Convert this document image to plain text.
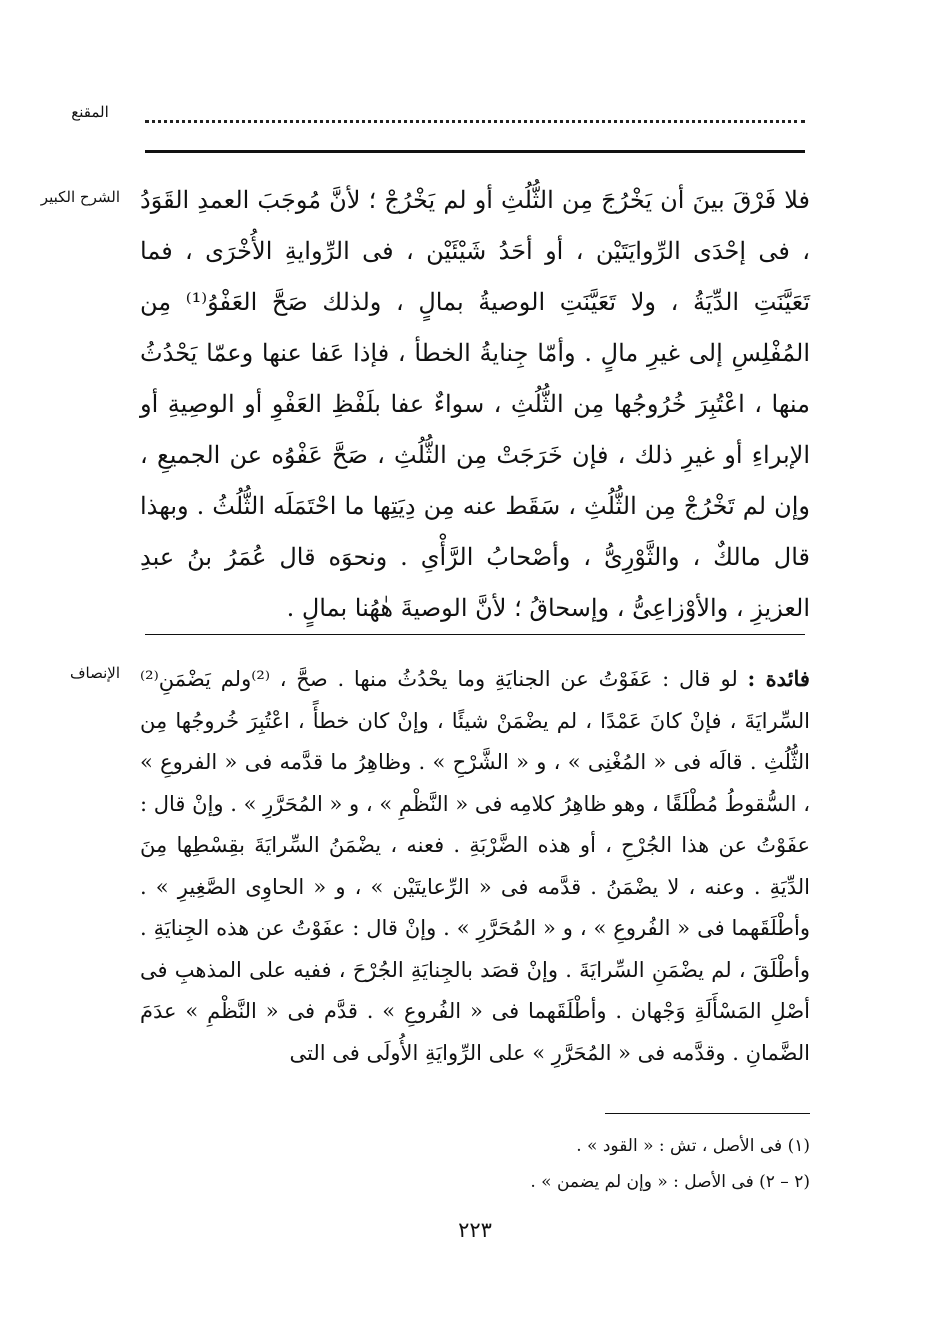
المقنع
الشرح الكبير فلا فَرْقَ بينَ أن يَخْرُجَ مِن الثُّلُثِ أو لم يَخْرُجْ ؛ لأنَّ مُوجَبَ العمدِ القَوَدُ ، فى إحْدَى الرِّوايَتَيْن ، أو أحَدُ شَيْئَيْن ، فى الرِّوايةِ الأُخْرَى ، فما تَعَيَّنَتِ الدِّيَةُ ، ولا تَعَيَّنَتِ الوصيةُ بمالٍ ، ولذلك صَحَّ العَفْوُ⁽¹⁾ مِن المُفْلِسِ إلى غيرِ مالٍ . وأمّا جِنايةُ الخطأ ، فإذا عَفا عنها وعمّا يَحْدُثُ منها ، اعْتُبِرَ خُرُوجُها مِن الثُّلُثِ ، سواءٌ عفا بلَفْظِ العَفْوِ أو الوصِيةِ أو الإبراءِ أو غيرِ ذلك ، فإن خَرَجَتْ مِن الثُّلُثِ ، صَحَّ عَفْوُه عن الجميعِ ، وإن لم تَخْرُجْ مِن الثُّلُثِ ، سَقَط عنه مِن دِيَتِها ما احْتَمَلَه الثُّلُثُ . وبهذا قال مالكٌ ، والثَّوْرِىُّ ، وأصْحابُ الرَّأْىِ . ونحوَه قال عُمَرُ بنُ عبدِ العزيزِ ، والأوْزاعِىُّ ، وإسحاقُ ؛ لأنَّ الوصيةَ هٰهُنا بمالٍ .
الإنصاف	فائدة : لو قال : عَفَوْتُ عن الجنايَةِ وما يحْدُثُ منها . صحَّ ، ⁽²⁾ولم يَضْمَنِ⁽²⁾ السِّرايَةَ ، فإنْ كانَ عَمْدًا ، لم يضْمَنْ شيئًا ، وإنْ كان خطأً ، اعْتُبِرَ خُروجُها مِن الثُّلُثِ . قالَه فى « المُغْنِى » ، و « الشَّرْحِ » . وظاهِرُ ما قدَّمه فى « الفروعِ » ، السُّقوطُ مُطْلَقًا ، وهو ظاهِرُ كلامِه فى « النَّظْمِ » ، و « المُحَرَّرِ » . وإنْ قال : عفَوْتُ عن هذا الجُرْحِ ، أو هذه الضَّرْبَةِ . فعنه ، يضْمَنُ السِّرايَةَ بقِسْطِها مِنَ الدِّيَةِ . وعنه ، لا يضْمَنُ . قدَّمه فى « الرِّعايتَيْن » ، و « الحاوِى الصَّغِيرِ » . وأطْلَقَهما فى « الفُروعِ » ، و « المُحَرَّرِ » . وإنْ قال : عفَوْتُ عن هذه الجِنايَةِ . وأطْلَقَ ، لم يضْمَنِ السِّرايَةَ . وإنْ قصَد بالجِنايَةِ الجُرْحَ ، ففيه على المذهبِ فى أصْلِ المَسْأَلَةِ وَجْهان . وأطْلَقَهما فى « الفُروعِ » . قدَّم فى « النَّظْمِ » عدَمَ الضَّمانِ . وقدَّمه فى « المُحَرَّرِ » على الرِّوايَةِ الأُولَى فى التى
(١) فى الأصل ، تش : « القود » .
(٢ – ٢) فى الأصل : « وإن لم يضمن » .
٢٢٣
